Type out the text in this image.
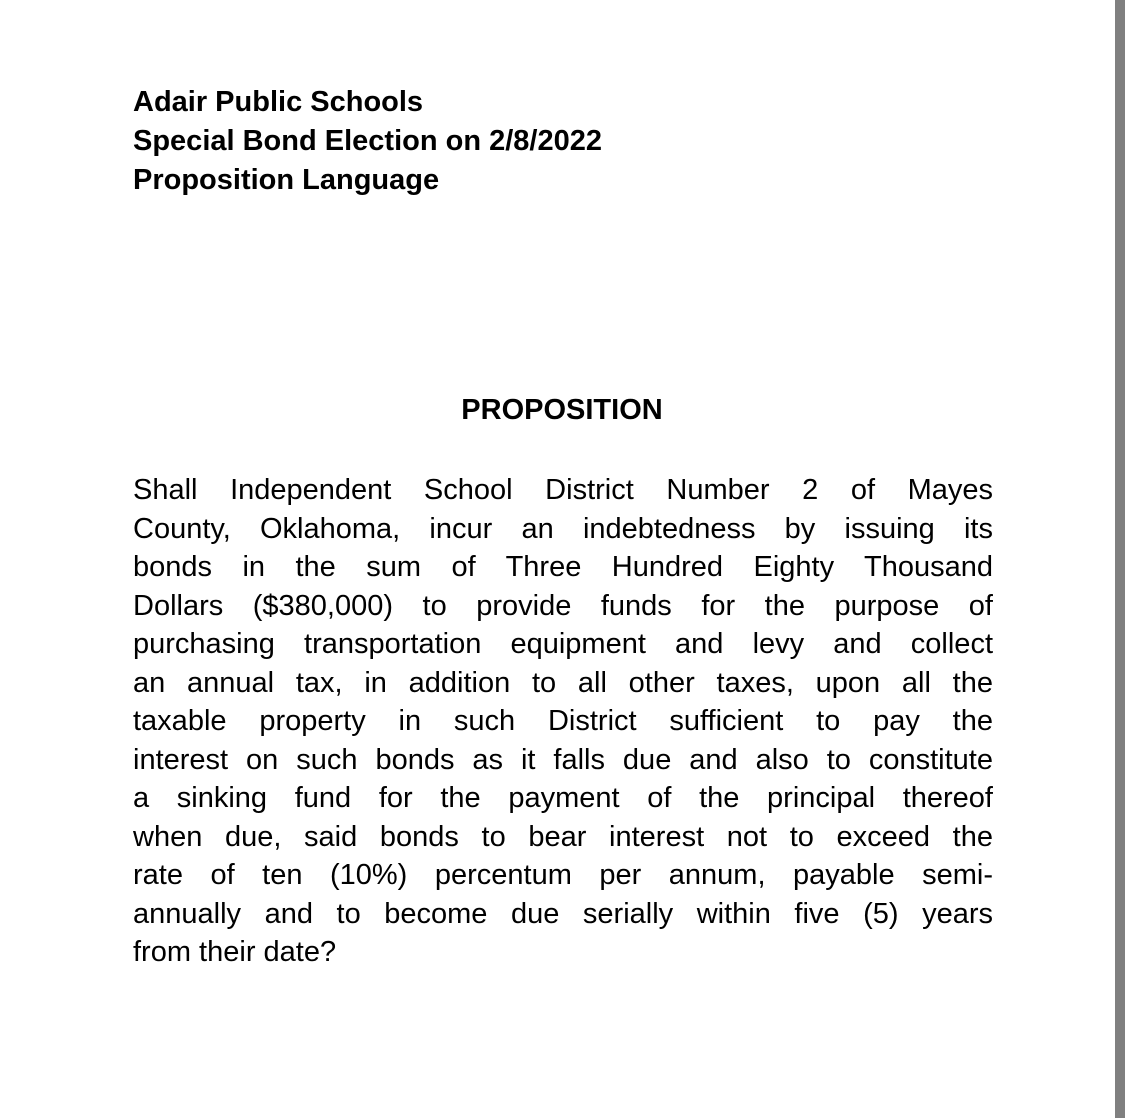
Adair Public Schools
Special Bond Election on 2/8/2022
Proposition Language
PROPOSITION
Shall Independent School District Number 2 of Mayes
County, Oklahoma, incur an indebtedness by issuing its
bonds in the sum of Three Hundred Eighty Thousand
Dollars ($380,000) to provide funds for the purpose of
purchasing transportation equipment and levy and collect
an annual tax, in addition to all other taxes, upon all the
taxable property in such District sufficient to pay the
interest on such bonds as it falls due and also to constitute
a sinking fund for the payment of the principal thereof
when due, said bonds to bear interest not to exceed the
rate of ten (10%) percentum per annum, payable semi-
annually and to become due serially within five (5) years
from their date?
